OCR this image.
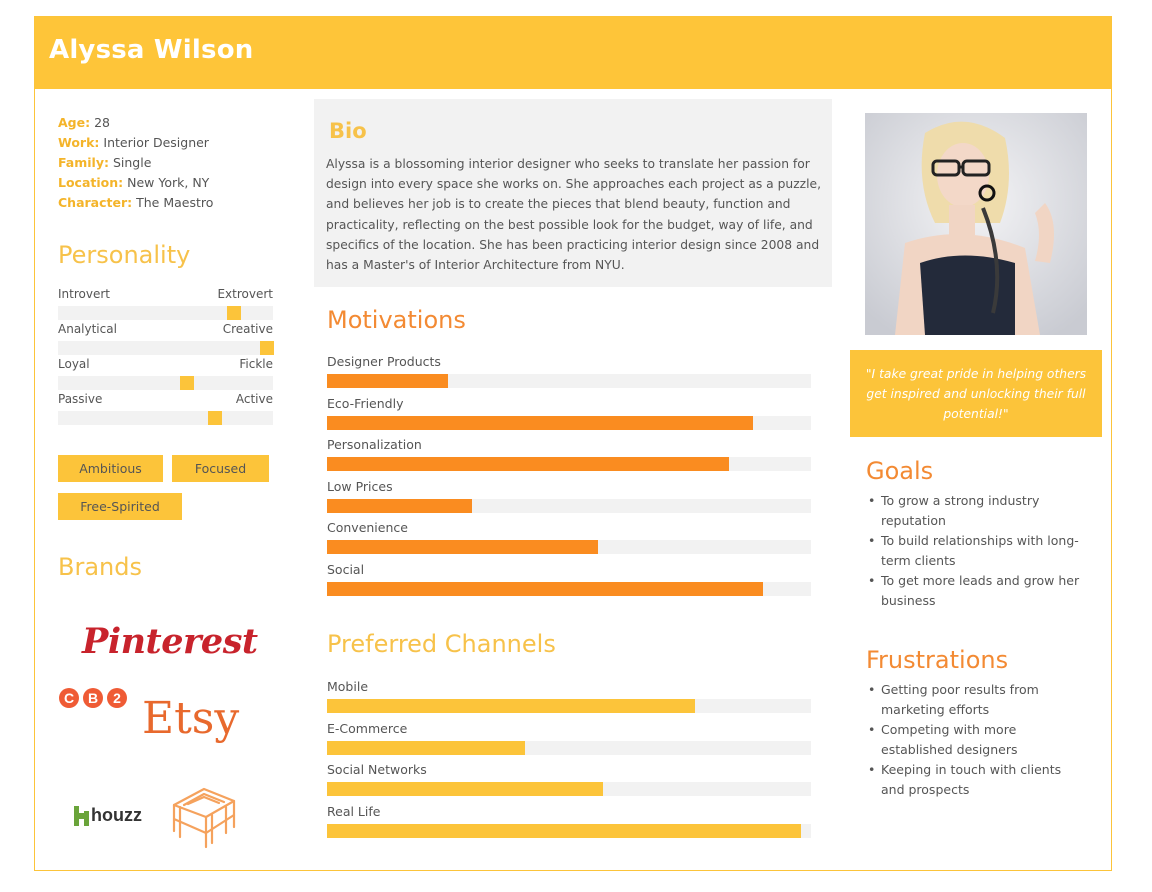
Alyssa Wilson
Age: 28
Work: Interior Designer
Family: Single
Location: New York, NY
Character: The Maestro
Personality
Introvert	Extrovert
Analytical	Creative
Loyal	Fickle
Passive	Active
Ambitious	Focused
Free-Spirited
Brands
Pinterest
C B 2 Etsy
houzz
Bio

Alyssa is a blossoming interior designer who seeks to translate her passion for design into every space she works on. She approaches each project as a puzzle, and believes her job is to create the pieces that blend beauty, function and practicality, reflecting on the best possible look for the budget, way of life, and specifics of the location. She has been practicing interior design since 2008 and has a Master's of Interior Architecture from NYU.

Motivations
Designer Products
Eco-Friendly
Personalization
Low Prices
Convenience
Social
Preferred Channels
Mobile
E-Commerce
Social Networks
Real Life
"I take great pride in helping others get inspired and unlocking their full potential!"
Goals
• To grow a strong industry reputation
• To build relationships with long-term clients
• To get more leads and grow her business
Frustrations
• Getting poor results from marketing efforts
• Competing with more established designers
• Keeping in touch with clients and prospects
